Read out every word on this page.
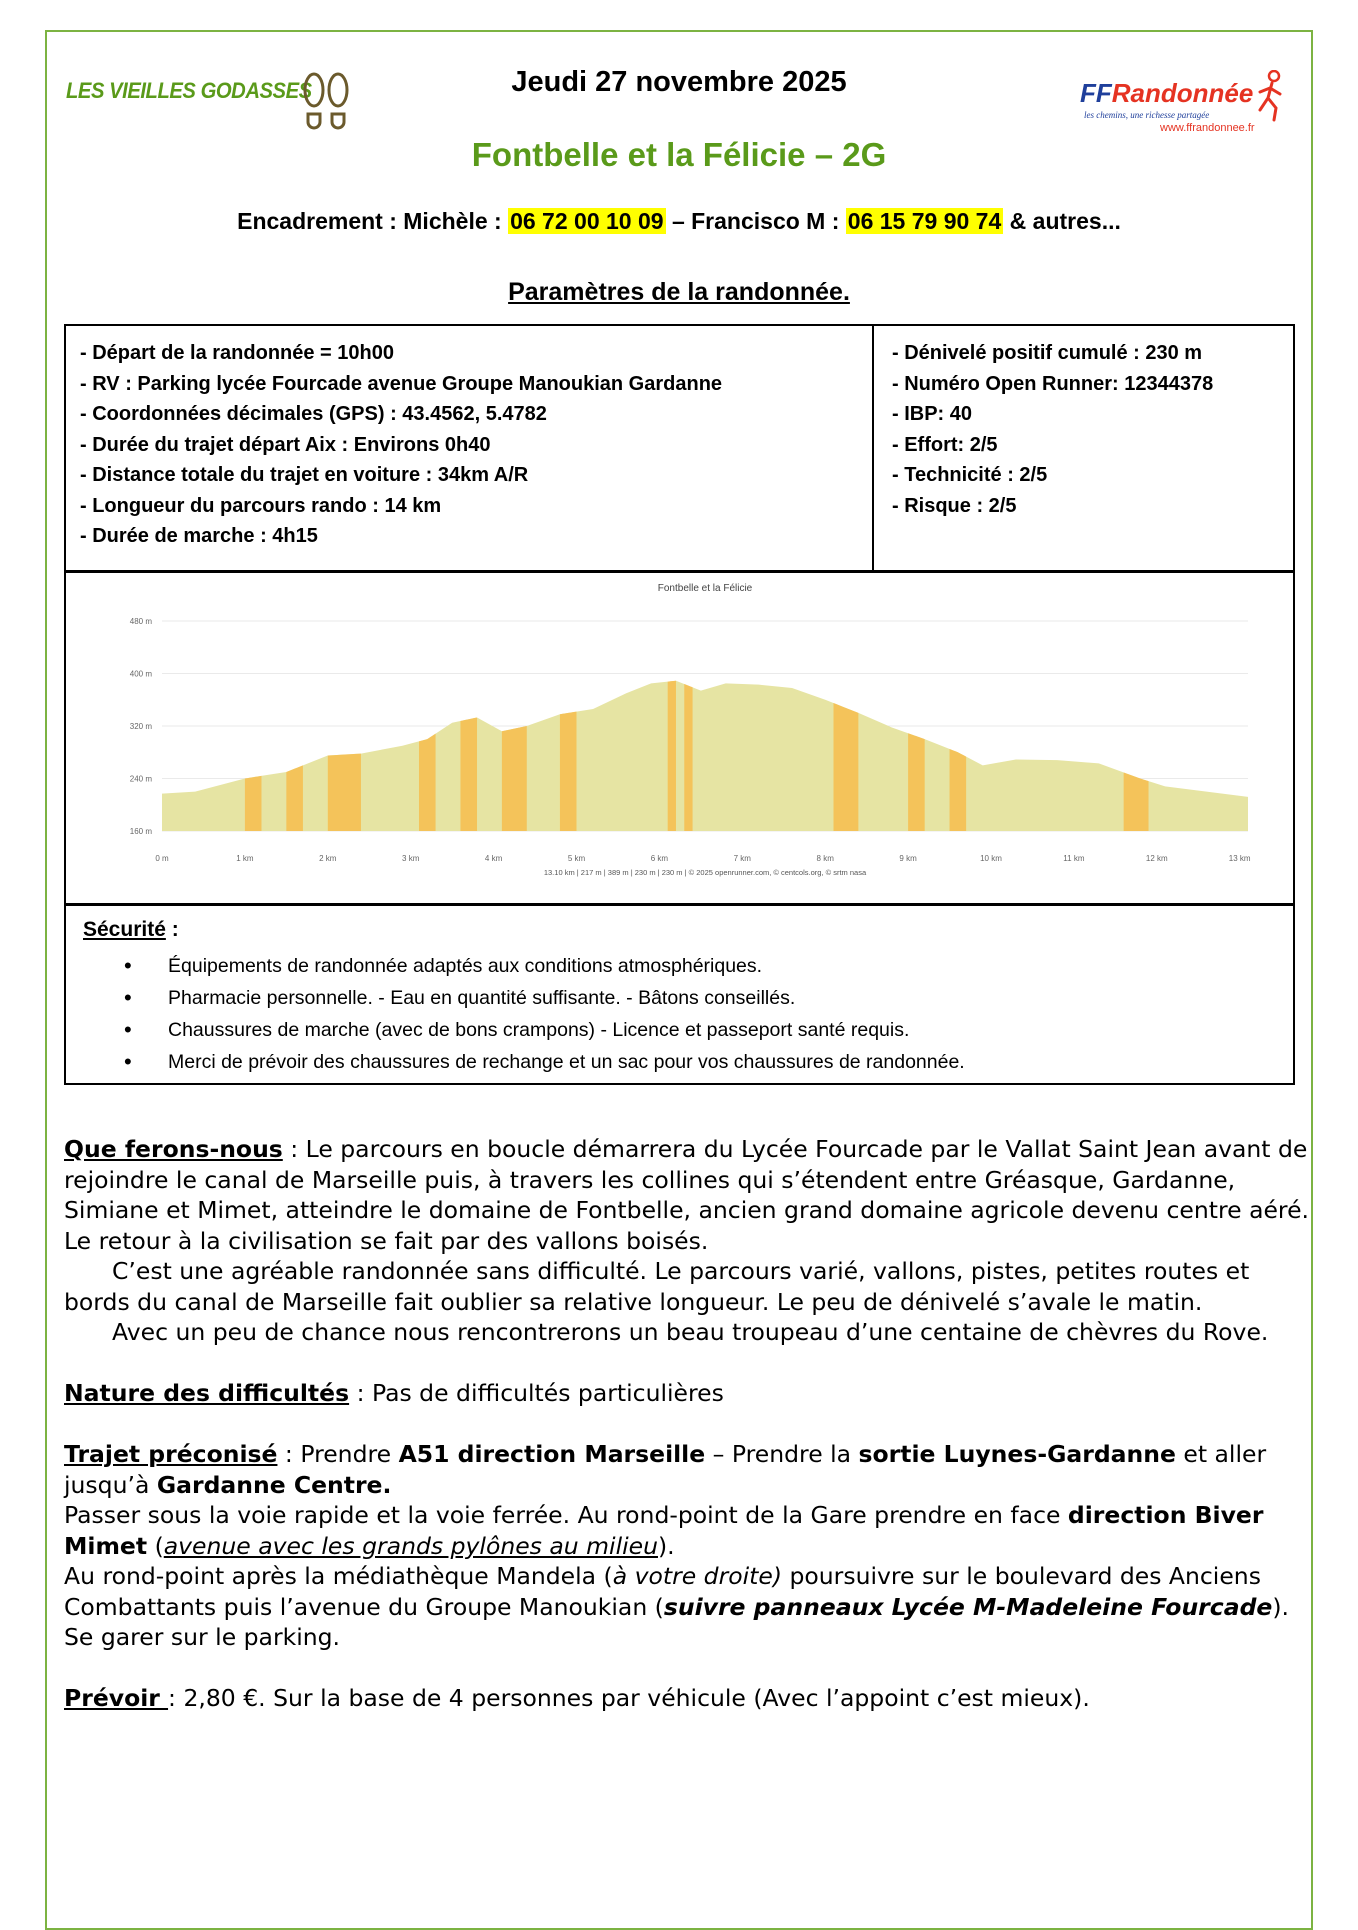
LES VIEILLES GODASSES	Jeudi 27 novembre 2025	FFRandonnée
les chemins, une richesse partagée
www.ffrandonnee.fr
Fontbelle et la Félicie – 2G
Encadrement : Michèle : 06 72 00 10 09 – Francisco M : 06 15 79 90 74 & autres...
Paramètres de la randonnée.
- Départ de la randonnée = 10h00
- RV : Parking lycée Fourcade avenue Groupe Manoukian Gardanne
- Coordonnées décimales (GPS) : 43.4562, 5.4782
- Durée du trajet départ Aix : Environs 0h40
- Distance totale du trajet en voiture : 34km A/R
- Longueur du parcours rando : 14 km
- Durée de marche : 4h15
- Dénivelé positif cumulé : 230 m
- Numéro Open Runner: 12344378
- IBP: 40
- Effort: 2/5
- Technicité : 2/5
- Risque : 2/5
Fontbelle et la Félicie
160 m
240 m
320 m
400 m
480 m
0 m	1 km	2 km	3 km	4 km	5 km	6 km	7 km	8 km	9 km	10 km	11 km	12 km	13 km
13.10 km | 217 m | 389 m | 230 m | 230 m | © 2025 openrunner.com, © centcols.org, © srtm nasa
Sécurité :
• Équipements de randonnée adaptés aux conditions atmosphériques.
• Pharmacie personnelle. - Eau en quantité suffisante. - Bâtons conseillés.
• Chaussures de marche (avec de bons crampons) - Licence et passeport santé requis.
• Merci de prévoir des chaussures de rechange et un sac pour vos chaussures de randonnée.

Que ferons-nous : Le parcours en boucle démarrera du Lycée Fourcade par le Vallat Saint Jean avant de rejoindre le canal de Marseille puis, à travers les collines qui s’étendent entre Gréasque, Gardanne, Simiane et Mimet, atteindre le domaine de Fontbelle, ancien grand domaine agricole devenu centre aéré. Le retour à la civilisation se fait par des vallons boisés.

C’est une agréable randonnée sans difficulté. Le parcours varié, vallons, pistes, petites routes et bords du canal de Marseille fait oublier sa relative longueur. Le peu de dénivelé s’avale le matin.

Avec un peu de chance nous rencontrerons un beau troupeau d’une centaine de chèvres du Rove.

Nature des difficultés : Pas de difficultés particulières

Trajet préconisé : Prendre A51 direction Marseille – Prendre la sortie Luynes-Gardanne et aller jusqu’à Gardanne Centre.

Passer sous la voie rapide et la voie ferrée. Au rond-point de la Gare prendre en face direction Biver Mimet (avenue avec les grands pylônes au milieu).

Au rond-point après la médiathèque Mandela (à votre droite) poursuivre sur le boulevard des Anciens Combattants puis l’avenue du Groupe Manoukian (suivre panneaux Lycée M-Madeleine Fourcade).

Se garer sur le parking.

Prévoir : 2,80 €. Sur la base de 4 personnes par véhicule (Avec l’appoint c’est mieux).
